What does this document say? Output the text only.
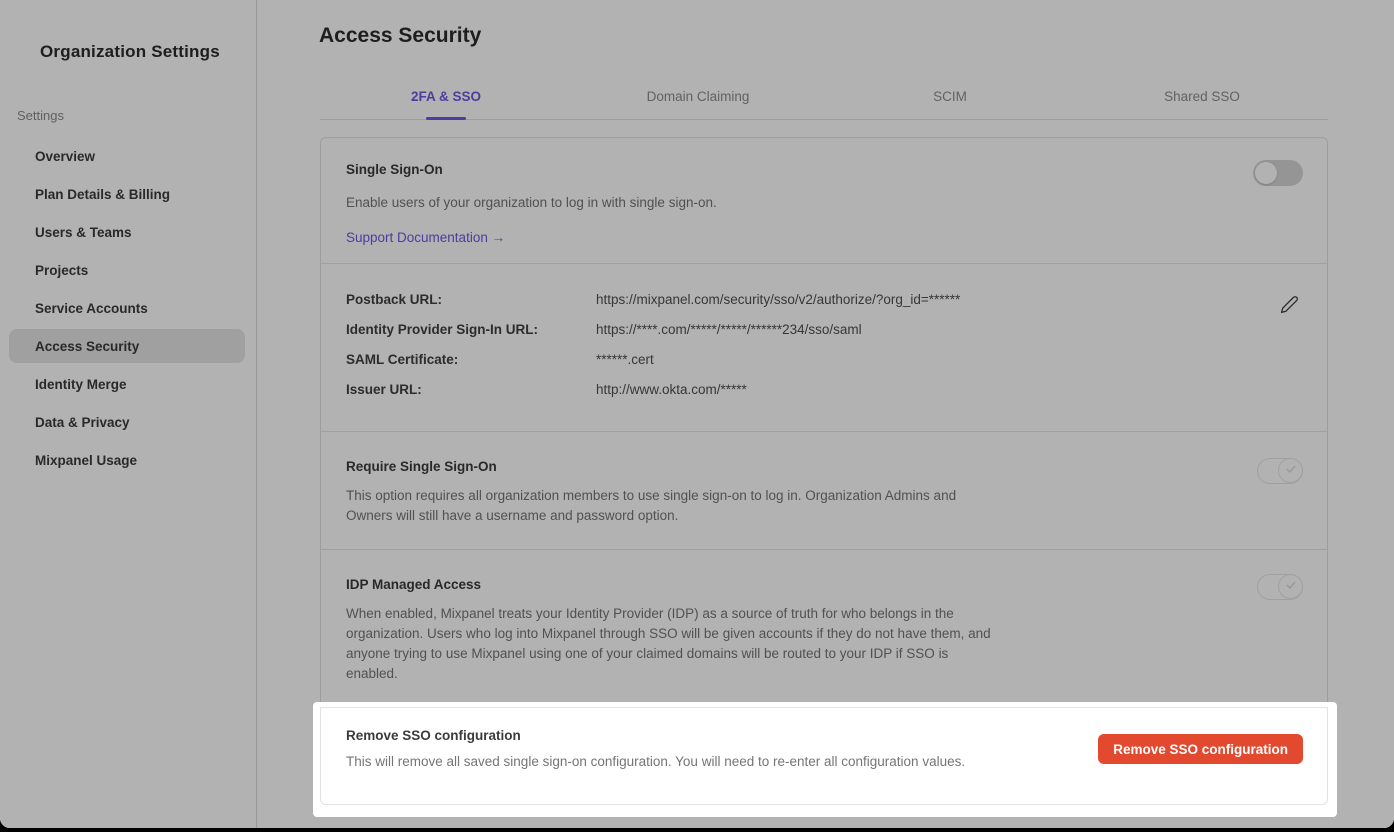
Organization Settings
Settings
Overview
Plan Details & Billing
Users & Teams
Projects
Service Accounts
Access Security
Identity Merge
Data & Privacy
Mixpanel Usage
Access Security
2FA & SSO	Domain Claiming	SCIM	Shared SSO
Single Sign-On
Enable users of your organization to log in with single sign-on.
Support Documentation →
Postback URL:	https://mixpanel.com/security/sso/v2/authorize/?org_id=******
Identity Provider Sign-In URL:	https://****.com/*****/*****/******234/sso/saml
SAML Certificate:	******.cert
Issuer URL:	http://www.okta.com/*****
Require Single Sign-On
This option requires all organization members to use single sign-on to log in. Organization Admins and Owners will still have a username and password option.
IDP Managed Access
When enabled, Mixpanel treats your Identity Provider (IDP) as a source of truth for who belongs in the organization. Users who log into Mixpanel through SSO will be given accounts if they do not have them, and anyone trying to use Mixpanel using one of your claimed domains will be routed to your IDP if SSO is enabled.
Remove SSO configuration
This will remove all saved single sign-on configuration. You will need to re-enter all configuration values.
Remove SSO configuration
